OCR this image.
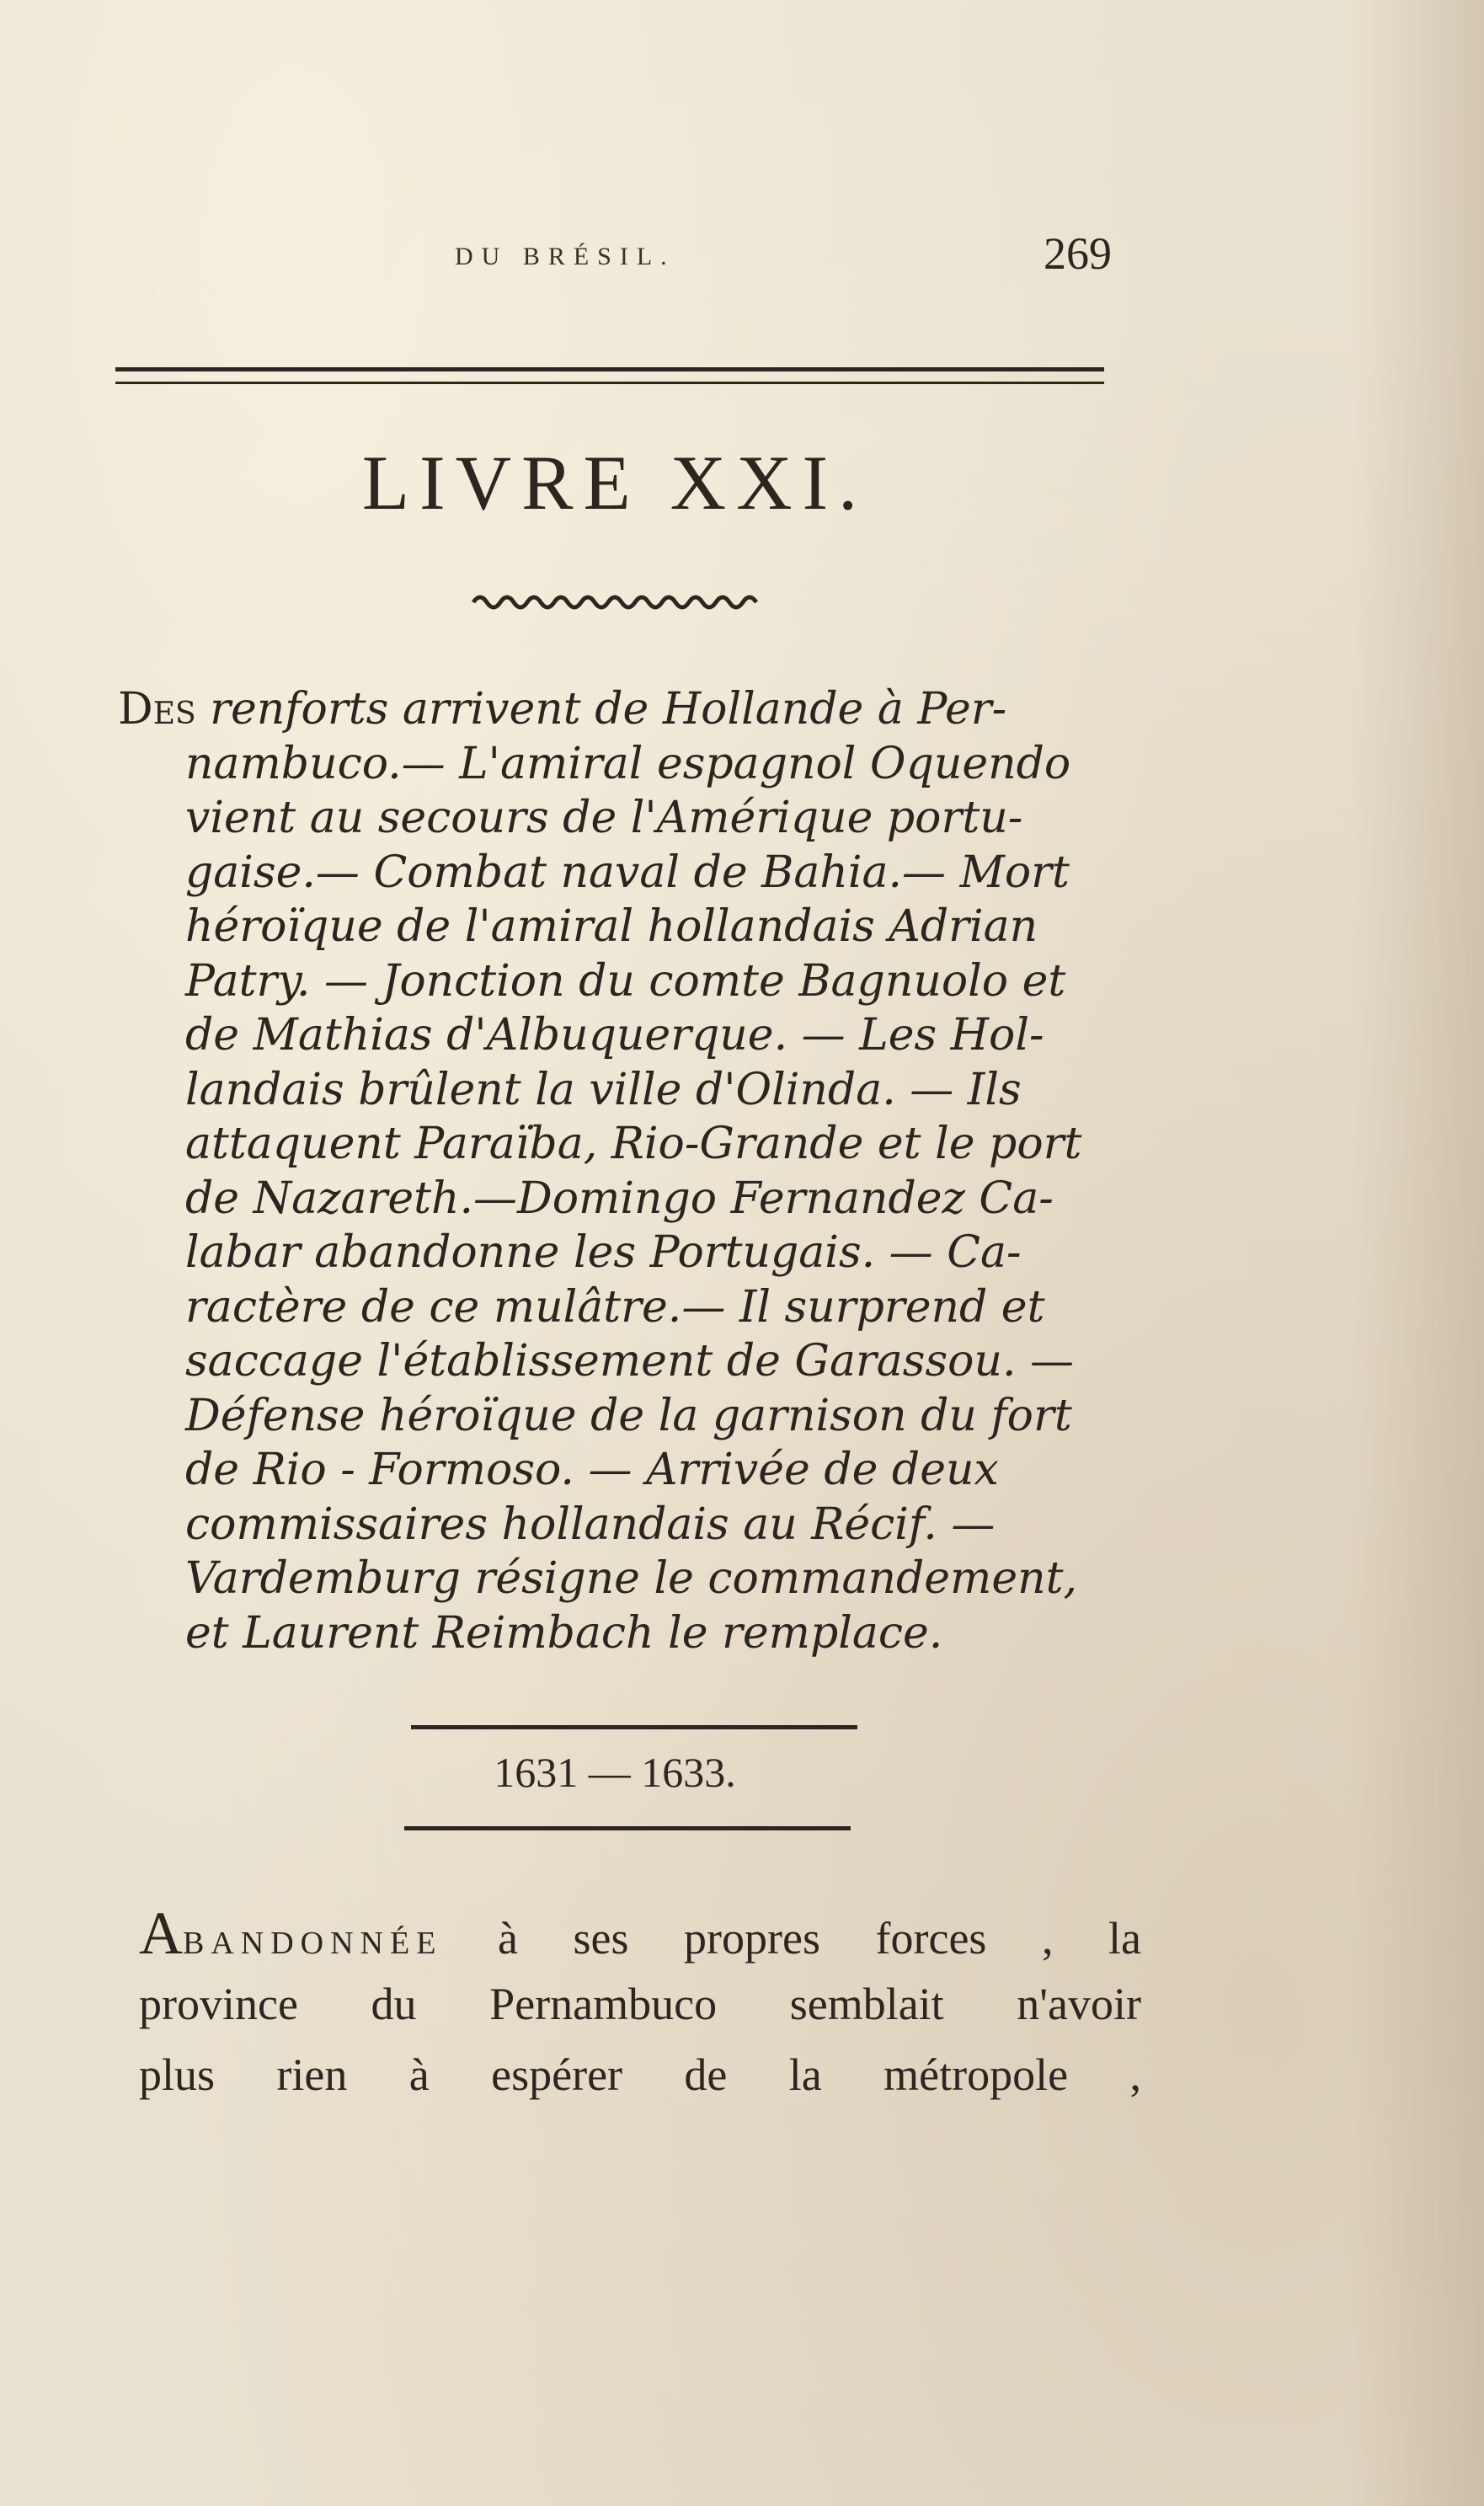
DU BRÉSIL.	269
LIVRE XXI.
Des renforts arrivent de Hollande à Per-
nambuco.— L'amiral espagnol Oquendo
vient au secours de l'Amérique portu-
gaise.— Combat naval de Bahia.— Mort
héroïque de l'amiral hollandais Adrian
Patry. — Jonction du comte Bagnuolo et
de Mathias d'Albuquerque. — Les Hol-
landais brûlent la ville d'Olinda. — Ils
attaquent Paraïba, Rio-Grande et le port
de Nazareth.—Domingo Fernandez Ca-
labar abandonne les Portugais. — Ca-
ractère de ce mulâtre.— Il surprend et
saccage l'établissement de Garassou. —
Défense héroïque de la garnison du fort
de Rio - Formoso. — Arrivée de deux
commissaires hollandais au Récif. —
Vardemburg résigne le commandement,
et Laurent Reimbach le remplace.
1631 — 1633.
Abandonnée à ses propres forces , la
province du Pernambuco semblait n'avoir
plus rien à espérer de la métropole ,
